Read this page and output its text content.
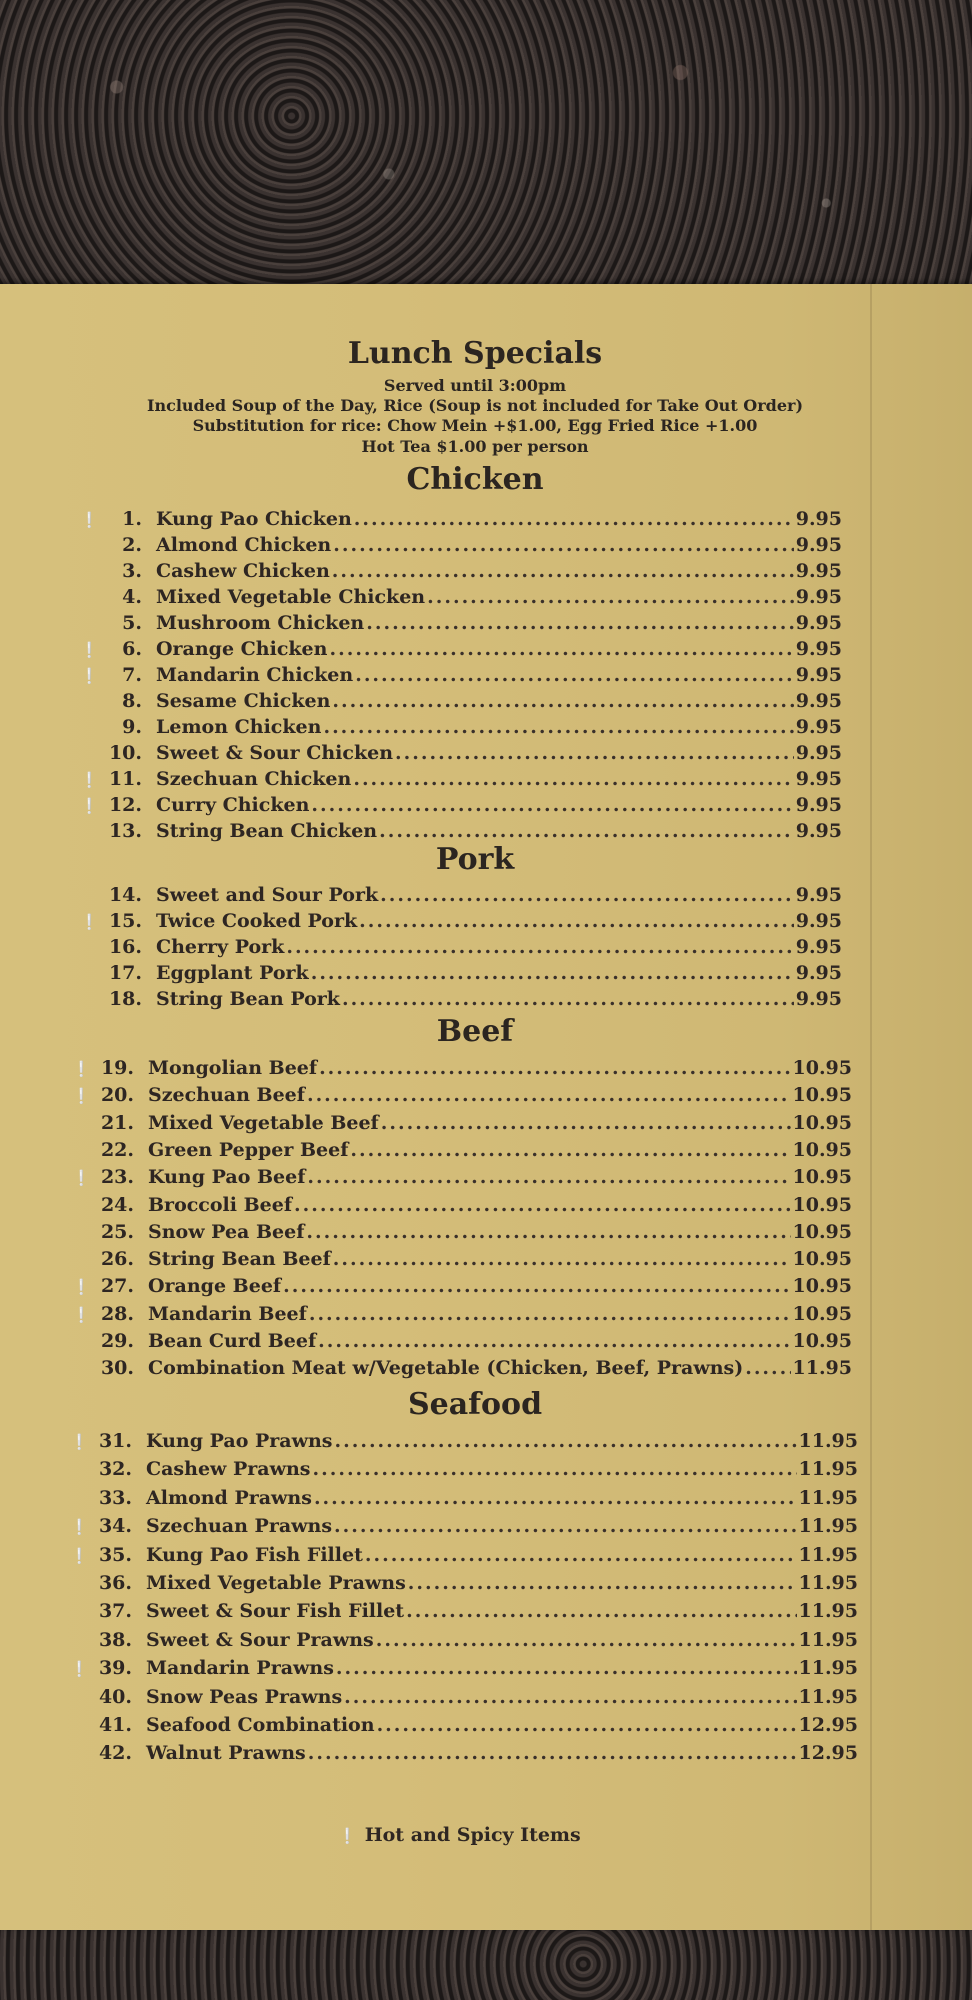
Lunch Specials
Served until 3:00pm
Included Soup of the Day, Rice (Soup is not included for Take Out Order)
Substitution for rice: Chow Mein +$1.00, Egg Fried Rice +1.00
Hot Tea $1.00 per person
Chicken
❕	1. Kung Pao Chicken .....	9.95
2. Almond Chicken .....	9.95
3. Cashew Chicken .....	9.95
4. Mixed Vegetable Chicken .....	9.95
5. Mushroom Chicken .....	9.95
❕	6. Orange Chicken .....	9.95
❕	7. Mandarin Chicken .....	9.95
8. Sesame Chicken .....	9.95
9. Lemon Chicken .....	9.95
10. Sweet & Sour Chicken .....	9.95
❕ 11. Szechuan Chicken .....	9.95
❕ 12. Curry Chicken .....	9.95
13. String Bean Chicken .....	9.95
Pork
14. Sweet and Sour Pork .....	9.95
❕ 15. Twice Cooked Pork .....	9.95
16. Cherry Pork .....	9.95
17. Eggplant Pork .....	9.95
18. String Bean Pork .....	9.95
Beef
❕ 19. Mongolian Beef .....	10.95
❕ 20. Szechuan Beef .....	10.95
21. Mixed Vegetable Beef .....	10.95
22. Green Pepper Beef .....	10.95
❕ 23. Kung Pao Beef .....	10.95
24. Broccoli Beef .....	10.95
25. Snow Pea Beef .....	10.95
26. String Bean Beef .....	10.95
❕ 27. Orange Beef .....	10.95
❕ 28. Mandarin Beef .....	10.95
29. Bean Curd Beef .....	10.95
30. Combination Meat w/Vegetable (Chicken, Beef, Prawns) .....	11.95
Seafood
❕ 31. Kung Pao Prawns .....	11.95
32. Cashew Prawns .....	11.95
33. Almond Prawns .....	11.95
❕ 34. Szechuan Prawns .....	11.95
❕ 35. Kung Pao Fish Fillet .....	11.95
36. Mixed Vegetable Prawns .....	11.95
37. Sweet & Sour Fish Fillet .....	11.95
38. Sweet & Sour Prawns .....	11.95
❕ 39. Mandarin Prawns .....	11.95
40. Snow Peas Prawns .....	11.95
41. Seafood Combination .....	12.95
42. Walnut Prawns .....	12.95
❕ Hot and Spicy Items
